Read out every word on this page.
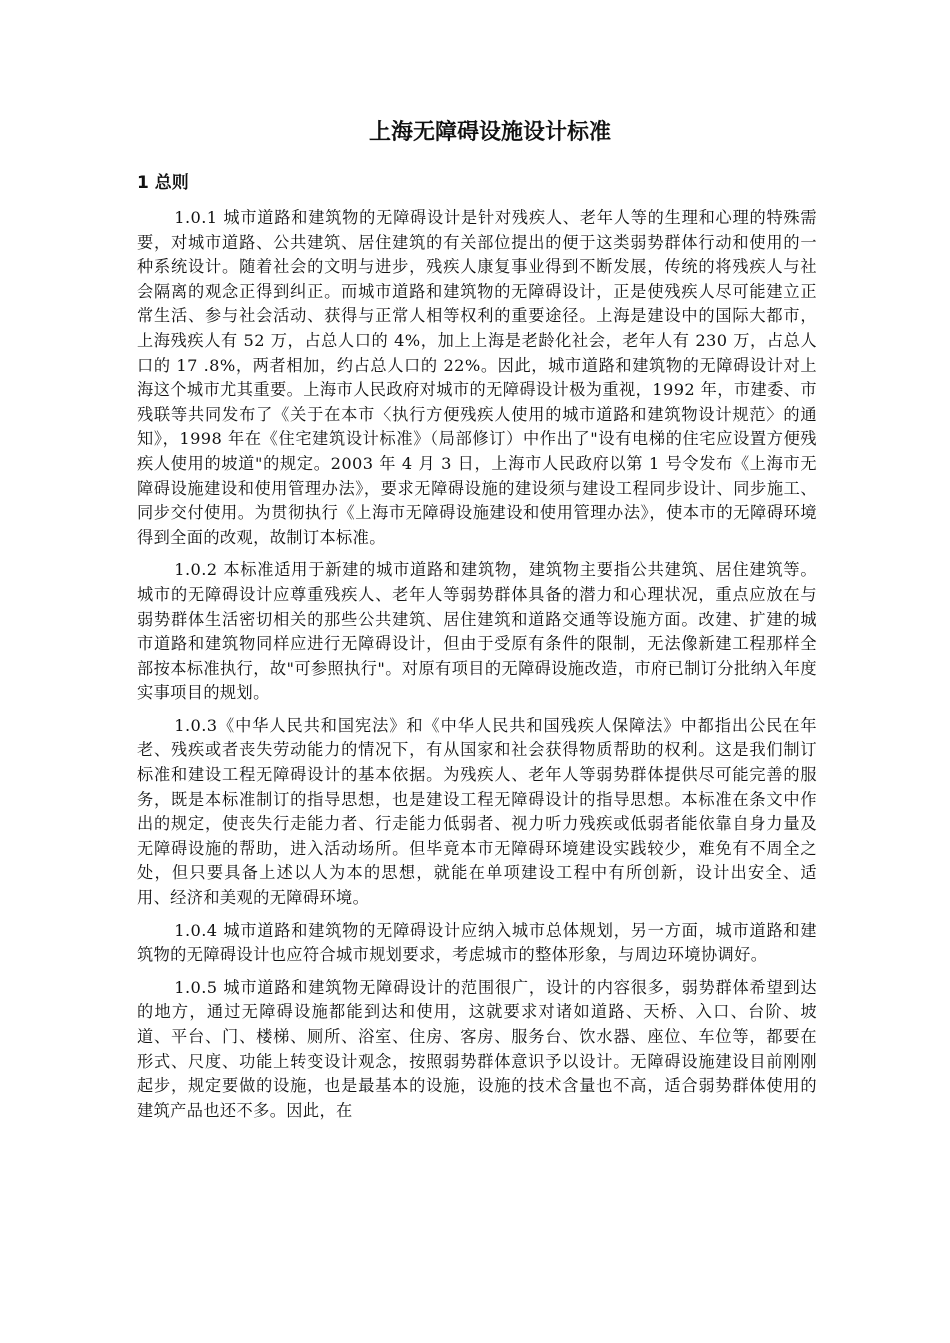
上海无障碍设施设计标准
1 总则

1.0.1 城市道路和建筑物的无障碍设计是针对残疾人、老年人等的生理和心理的特殊需要，对城市道路、公共建筑、居住建筑的有关部位提出的便于这类弱势群体行动和使用的一种系统设计。随着社会的文明与进步，残疾人康复事业得到不断发展，传统的将残疾人与社会隔离的观念正得到纠正。而城市道路和建筑物的无障碍设计，正是使残疾人尽可能建立正常生活、参与社会活动、获得与正常人相等权利的重要途径。上海是建设中的国际大都市，上海残疾人有 52 万，占总人口的 4%，加上上海是老龄化社会，老年人有 230 万，占总人口的 17 .8%，两者相加，约占总人口的 22%。因此，城市道路和建筑物的无障碍设计对上海这个城市尤其重要。上海市人民政府对城市的无障碍设计极为重视，1992 年，市建委、市残联等共同发布了《关于在本市〈执行方便残疾人使用的城市道路和建筑物设计规范〉的通知》，1998 年在《住宅建筑设计标准》（局部修订）中作出了"设有电梯的住宅应设置方便残疾人使用的坡道"的规定。2003 年 4 月 3 日，上海市人民政府以第 1 号令发布《上海市无障碍设施建设和使用管理办法》，要求无障碍设施的建设须与建设工程同步设计、同步施工、同步交付使用。为贯彻执行《上海市无障碍设施建设和使用管理办法》，使本市的无障碍环境得到全面的改观，故制订本标准。

1.0.2 本标准适用于新建的城市道路和建筑物，建筑物主要指公共建筑、居住建筑等。城市的无障碍设计应尊重残疾人、老年人等弱势群体具备的潜力和心理状况，重点应放在与弱势群体生活密切相关的那些公共建筑、居住建筑和道路交通等设施方面。改建、扩建的城市道路和建筑物同样应进行无障碍设计，但由于受原有条件的限制，无法像新建工程那样全部按本标准执行，故"可参照执行"。对原有项目的无障碍设施改造，市府已制订分批纳入年度实事项目的规划。

1.0.3《中华人民共和国宪法》和《中华人民共和国残疾人保障法》中都指出公民在年老、残疾或者丧失劳动能力的情况下，有从国家和社会获得物质帮助的权利。这是我们制订标准和建设工程无障碍设计的基本依据。为残疾人、老年人等弱势群体提供尽可能完善的服务，既是本标准制订的指导思想，也是建设工程无障碍设计的指导思想。本标准在条文中作出的规定，使丧失行走能力者、行走能力低弱者、视力听力残疾或低弱者能依靠自身力量及无障碍设施的帮助，进入活动场所。但毕竟本市无障碍环境建设实践较少，难免有不周全之处，但只要具备上述以人为本的思想，就能在单项建设工程中有所创新，设计出安全、适用、经济和美观的无障碍环境。

1.0.4 城市道路和建筑物的无障碍设计应纳入城市总体规划，另一方面，城市道路和建筑物的无障碍设计也应符合城市规划要求，考虑城市的整体形象，与周边环境协调好。

1.0.5 城市道路和建筑物无障碍设计的范围很广，设计的内容很多，弱势群体希望到达的地方，通过无障碍设施都能到达和使用，这就要求对诸如道路、天桥、入口、台阶、坡道、平台、门、楼梯、厕所、浴室、住房、客房、服务台、饮水器、座位、车位等，都要在形式、尺度、功能上转变设计观念，按照弱势群体意识予以设计。无障碍设施建设目前刚刚起步，规定要做的设施，也是最基本的设施，设施的技术含量也不高，适合弱势群体使用的建筑产品也还不多。因此，在
